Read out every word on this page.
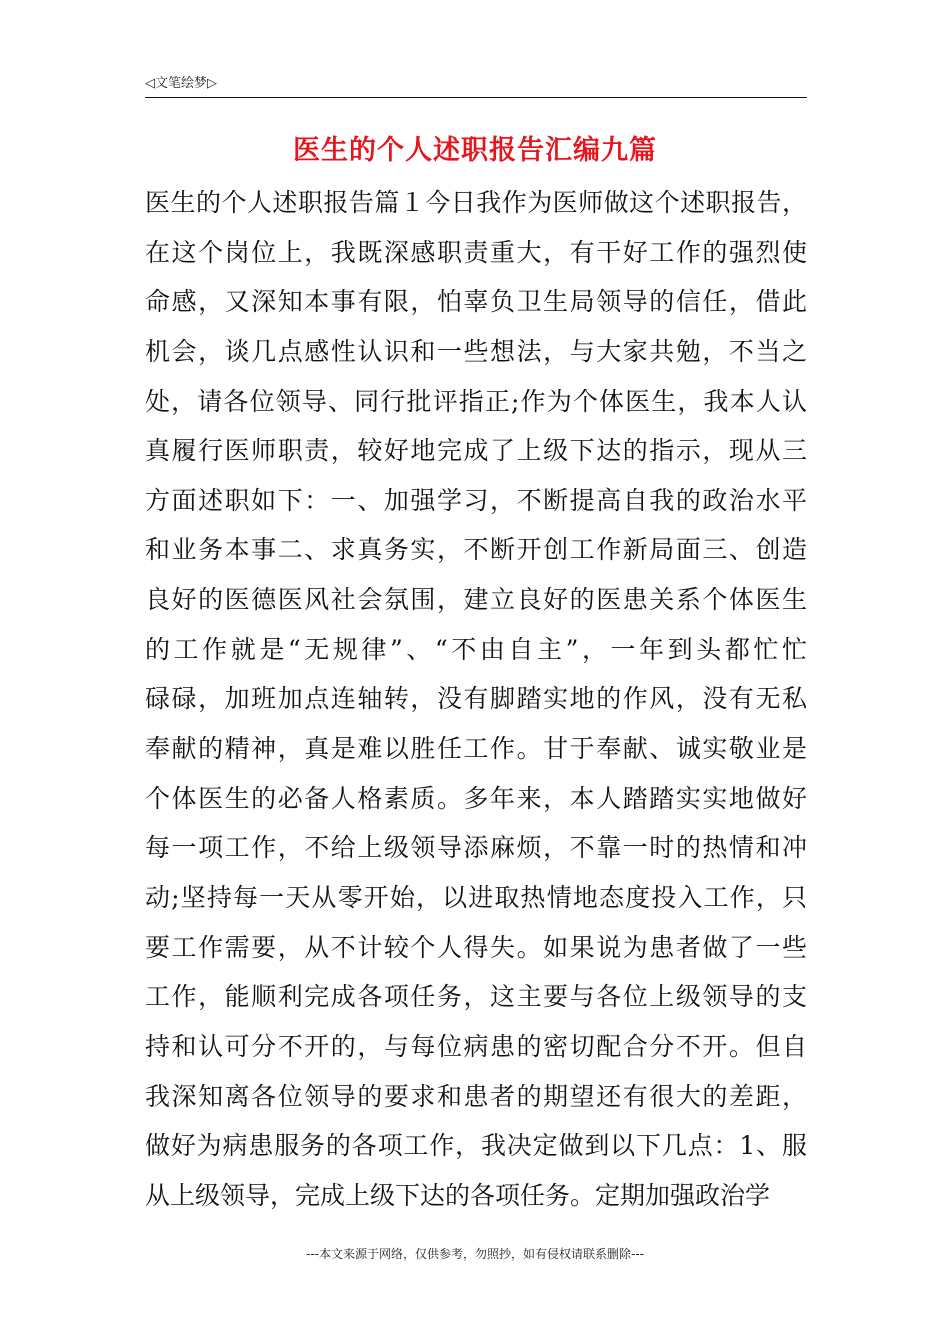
◁文笔绘梦▷
医生的个人述职报告汇编九篇
医生的个人述职报告篇１今日我作为医师做这个述职报告，
在这个岗位上，我既深感职责重大，有干好工作的强烈使
命感，又深知本事有限，怕辜负卫生局领导的信任，借此
机会，谈几点感性认识和一些想法，与大家共勉，不当之
处，请各位领导、同行批评指正;作为个体医生，我本人认
真履行医师职责，较好地完成了上级下达的指示，现从三
方面述职如下：一、加强学习，不断提高自我的政治水平
和业务本事二、求真务实，不断开创工作新局面三、创造
良好的医德医风社会氛围，建立良好的医患关系个体医生
的工作就是“无规律”、“不由自主”，一年到头都忙忙
碌碌，加班加点连轴转，没有脚踏实地的作风，没有无私
奉献的精神，真是难以胜任工作。甘于奉献、诚实敬业是
个体医生的必备人格素质。多年来，本人踏踏实实地做好
每一项工作，不给上级领导添麻烦，不靠一时的热情和冲
动;坚持每一天从零开始，以进取热情地态度投入工作，只
要工作需要，从不计较个人得失。如果说为患者做了一些
工作，能顺利完成各项任务，这主要与各位上级领导的支
持和认可分不开的，与每位病患的密切配合分不开。但自
我深知离各位领导的要求和患者的期望还有很大的差距，
做好为病患服务的各项工作，我决定做到以下几点：1、服
从上级领导，完成上级下达的各项任务。定期加强政治学
---本文来源于网络，仅供参考，勿照抄，如有侵权请联系删除---
